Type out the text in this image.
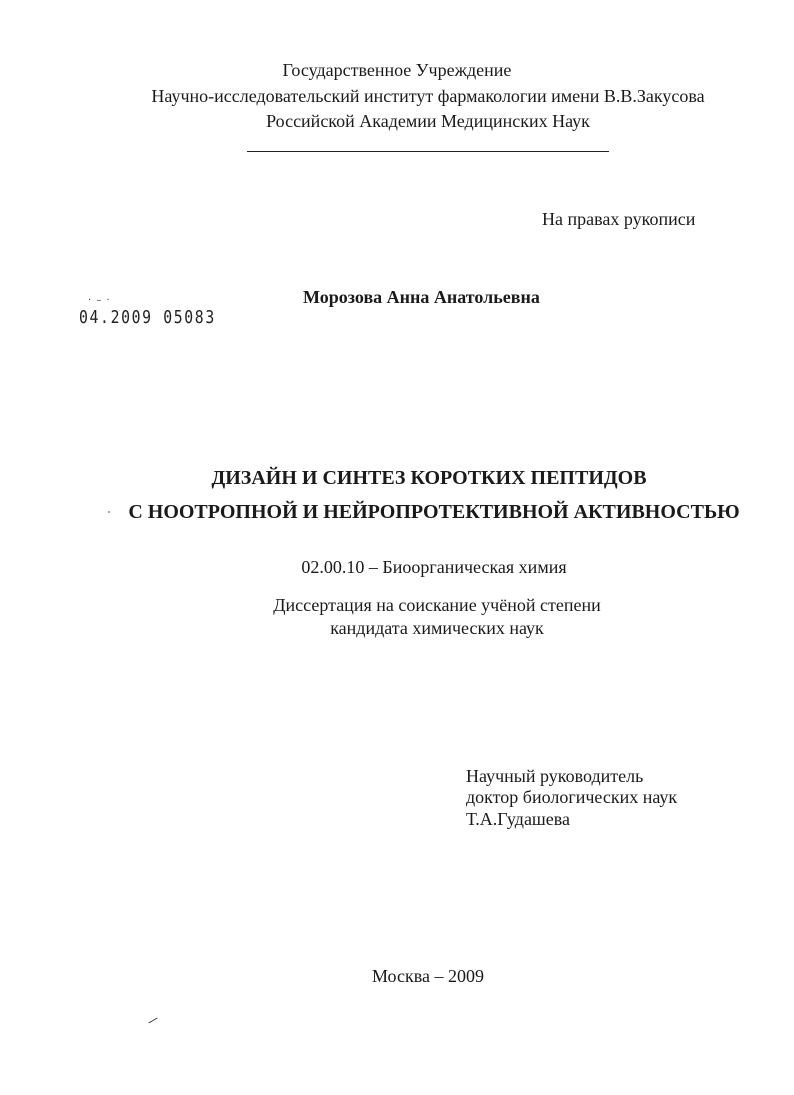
Государственное Учреждение
Научно-исследовательский институт фармакологии имени В.В.Закусова
Российской Академии Медицинских Наук
На правах рукописи
Морозова Анна Анатольевна
· – ·
04.2009 05083
ДИЗАЙН И СИНТЕЗ КОРОТКИХ ПЕПТИДОВ
С НООТРОПНОЙ И НЕЙРОПРОТЕКТИВНОЙ АКТИВНОСТЬЮ
02.00.10 – Биоорганическая химия
Диссертация на соискание учёной степени
кандидата химических наук
Научный руководитель
доктор биологических наук
Т.А.Гудашева
Москва – 2009
